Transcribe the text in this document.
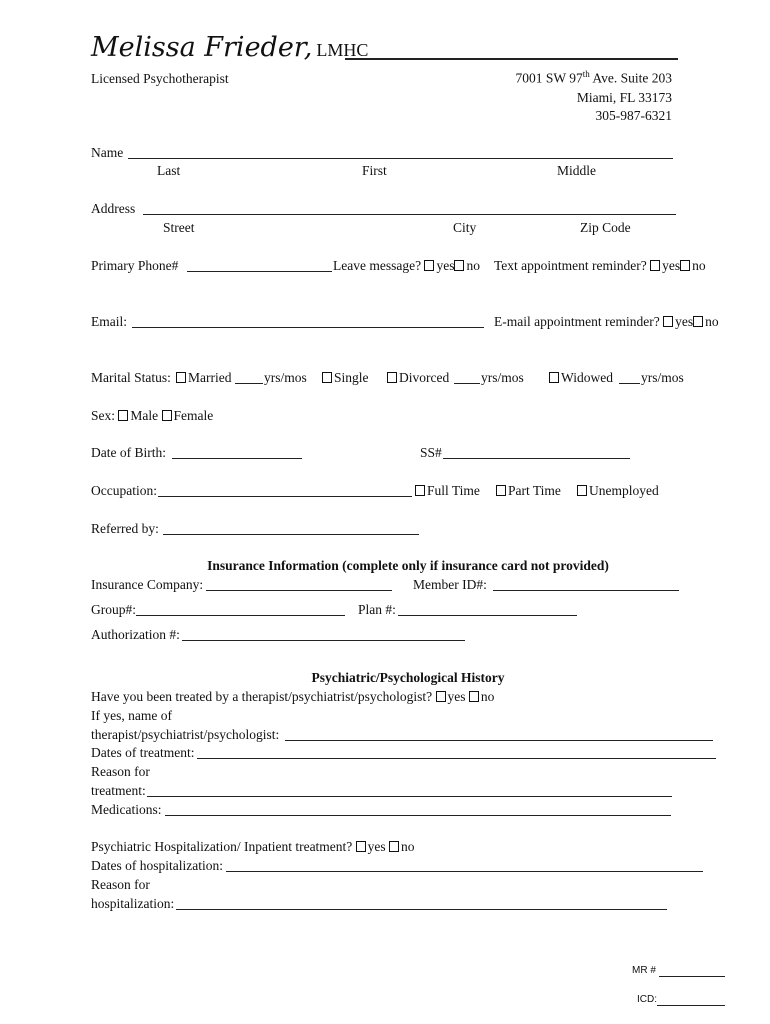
Melissa Frieder, LMHC
Licensed Psychotherapist	7001 SW 97th Ave. Suite 203
Miami, FL 33173
305-987-6321
Name
Last	First	Middle
Address
Street	City	Zip Code
Primary Phone#	Leave message? yes no Text appointment reminder? yes no
Email:	E-mail appointment reminder? yes no
Marital Status:	Married yrs/mos	Single	Divorced yrs/mos	Widowed yrs/mos
Sex: Male Female
Date of Birth:	SS#
Occupation:	Full Time	Part Time	Unemployed
Referred by:
Insurance Information (complete only if insurance card not provided)
Insurance Company:	Member ID#:
Group#:	Plan #:
Authorization #:
Psychiatric/Psychological History
Have you been treated by a therapist/psychiatrist/psychologist? yes no
If yes, name of
therapist/psychiatrist/psychologist:
Dates of treatment:
Reason for
treatment:
Medications:
Psychiatric Hospitalization/ Inpatient treatment? yes no
Dates of hospitalization:
Reason for
hospitalization:
MR #
ICD:
